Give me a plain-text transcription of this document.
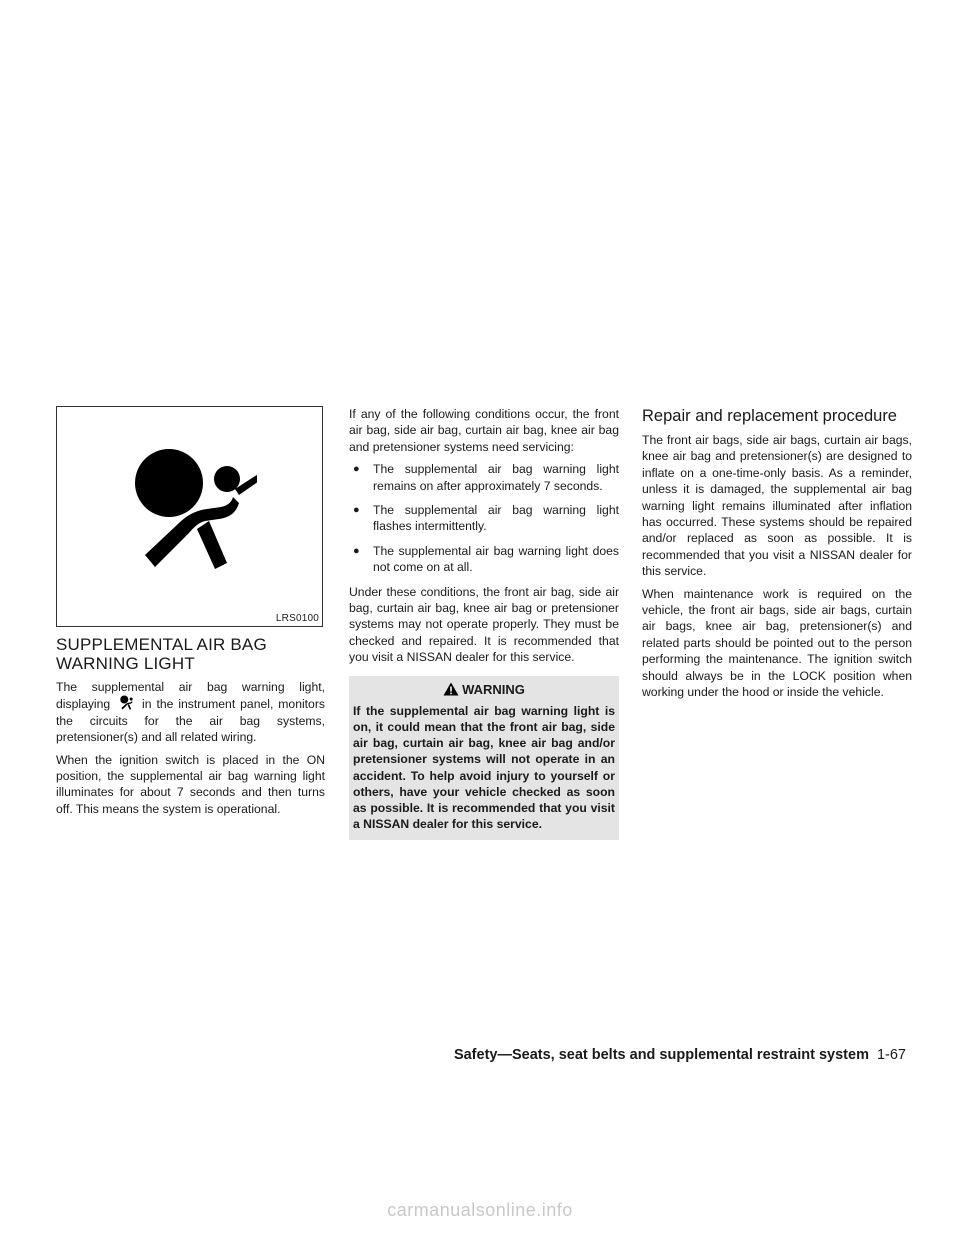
LRS0100
SUPPLEMENTAL AIR BAG WARNING LIGHT

The supplemental air bag warning light, displaying	in the instrument panel, monitors the circuits for the air bag systems, pretensioner(s) and all related wiring.

When the ignition switch is placed in the ON position, the supplemental air bag warning light illuminates for about 7 seconds and then turns off. This means the system is operational.

If any of the following conditions occur, the front air bag, side air bag, curtain air bag, knee air bag and pretensioner systems need servicing:

● The supplemental air bag warning light remains on after approximately 7 seconds.
● The supplemental air bag warning light flashes intermittently.
● The supplemental air bag warning light does not come on at all.

Under these conditions, the front air bag, side air bag, curtain air bag, knee air bag or pretensioner systems may not operate properly. They must be checked and repaired. It is recommended that you visit a NISSAN dealer for this service.

WARNING
If the supplemental air bag warning light is on, it could mean that the front air bag, side air bag, curtain air bag, knee air bag and/or pretensioner systems will not operate in an accident. To help avoid injury to yourself or others, have your vehicle checked as soon as possible. It is recommended that you visit a NISSAN dealer for this service.
Repair and replacement procedure

The front air bags, side air bags, curtain air bags, knee air bag and pretensioner(s) are designed to inflate on a one-time-only basis. As a reminder, unless it is damaged, the supplemental air bag warning light remains illuminated after inflation has occurred. These systems should be repaired and/or replaced as soon as possible. It is recommended that you visit a NISSAN dealer for this service.

When maintenance work is required on the vehicle, the front air bags, side air bags, curtain air bags, knee air bag, pretensioner(s) and related parts should be pointed out to the person performing the maintenance. The ignition switch should always be in the LOCK position when working under the hood or inside the vehicle.

Safety—Seats, seat belts and supplemental restraint system 1-67
carmanualsonline.info
